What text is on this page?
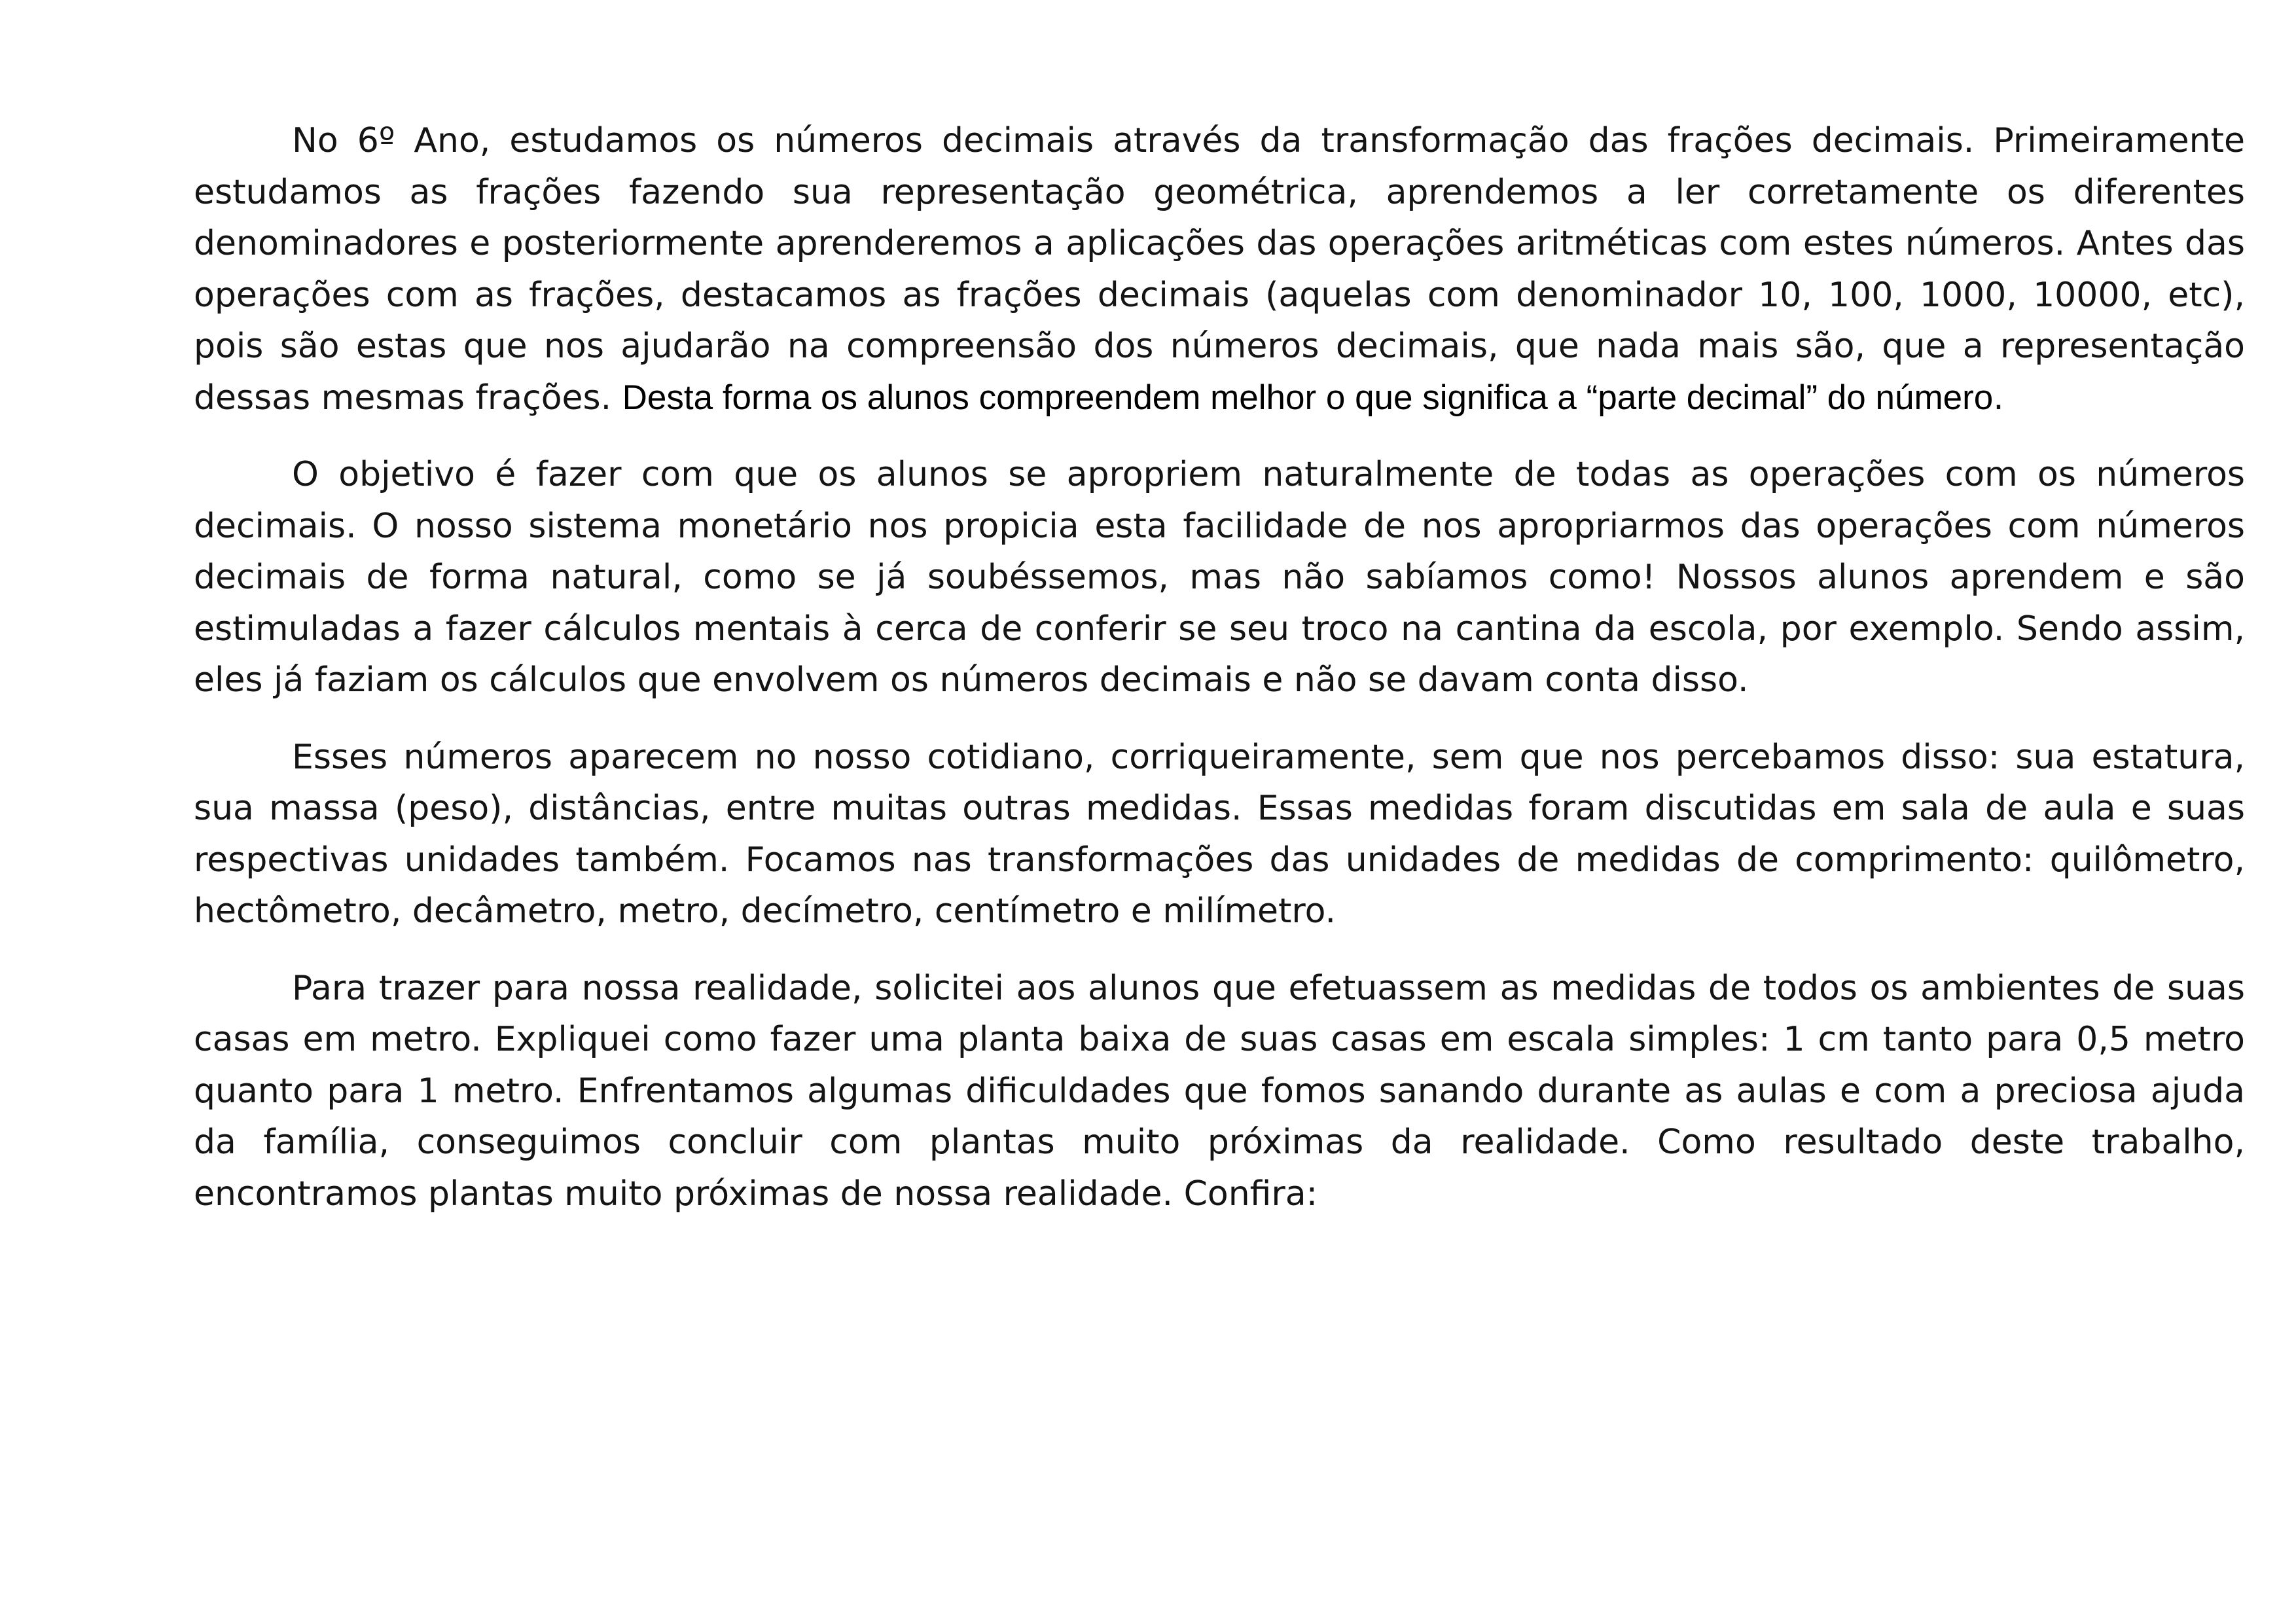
No 6º Ano, estudamos os números decimais através da transformação das frações decimais. Primeiramente estudamos as frações fazendo sua representação geométrica, aprendemos a ler corretamente os diferentes denominadores e posteriormente aprenderemos a aplicações das operações aritméticas com estes números. Antes das operações com as frações, destacamos as frações decimais (aquelas com denominador 10, 100, 1000, 10000, etc), pois são estas que nos ajudarão na compreensão dos números decimais, que nada mais são, que a representação dessas mesmas frações. Desta forma os alunos compreendem melhor o que significa a “parte decimal” do número.

O objetivo é fazer com que os alunos se apropriem naturalmente de todas as operações com os números decimais. O nosso sistema monetário nos propicia esta facilidade de nos apropriarmos das operações com números decimais de forma natural, como se já soubéssemos, mas não sabíamos como! Nossos alunos aprendem e são estimuladas a fazer cálculos mentais à cerca de conferir se seu troco na cantina da escola, por exemplo. Sendo assim, eles já faziam os cálculos que envolvem os números decimais e não se davam conta disso.

Esses números aparecem no nosso cotidiano, corriqueiramente, sem que nos percebamos disso: sua estatura, sua massa (peso), distâncias, entre muitas outras medidas. Essas medidas foram discutidas em sala de aula e suas respectivas unidades também. Focamos nas transformações das unidades de medidas de comprimento: quilômetro, hectômetro, decâmetro, metro, decímetro, centímetro e milímetro.

Para trazer para nossa realidade, solicitei aos alunos que efetuassem as medidas de todos os ambientes de suas casas em metro. Expliquei como fazer uma planta baixa de suas casas em escala simples: 1 cm tanto para 0,5 metro quanto para 1 metro. Enfrentamos algumas dificuldades que fomos sanando durante as aulas e com a preciosa ajuda da família, conseguimos concluir com plantas muito próximas da realidade. Como resultado deste trabalho, encontramos plantas muito próximas de nossa realidade. Confira:
